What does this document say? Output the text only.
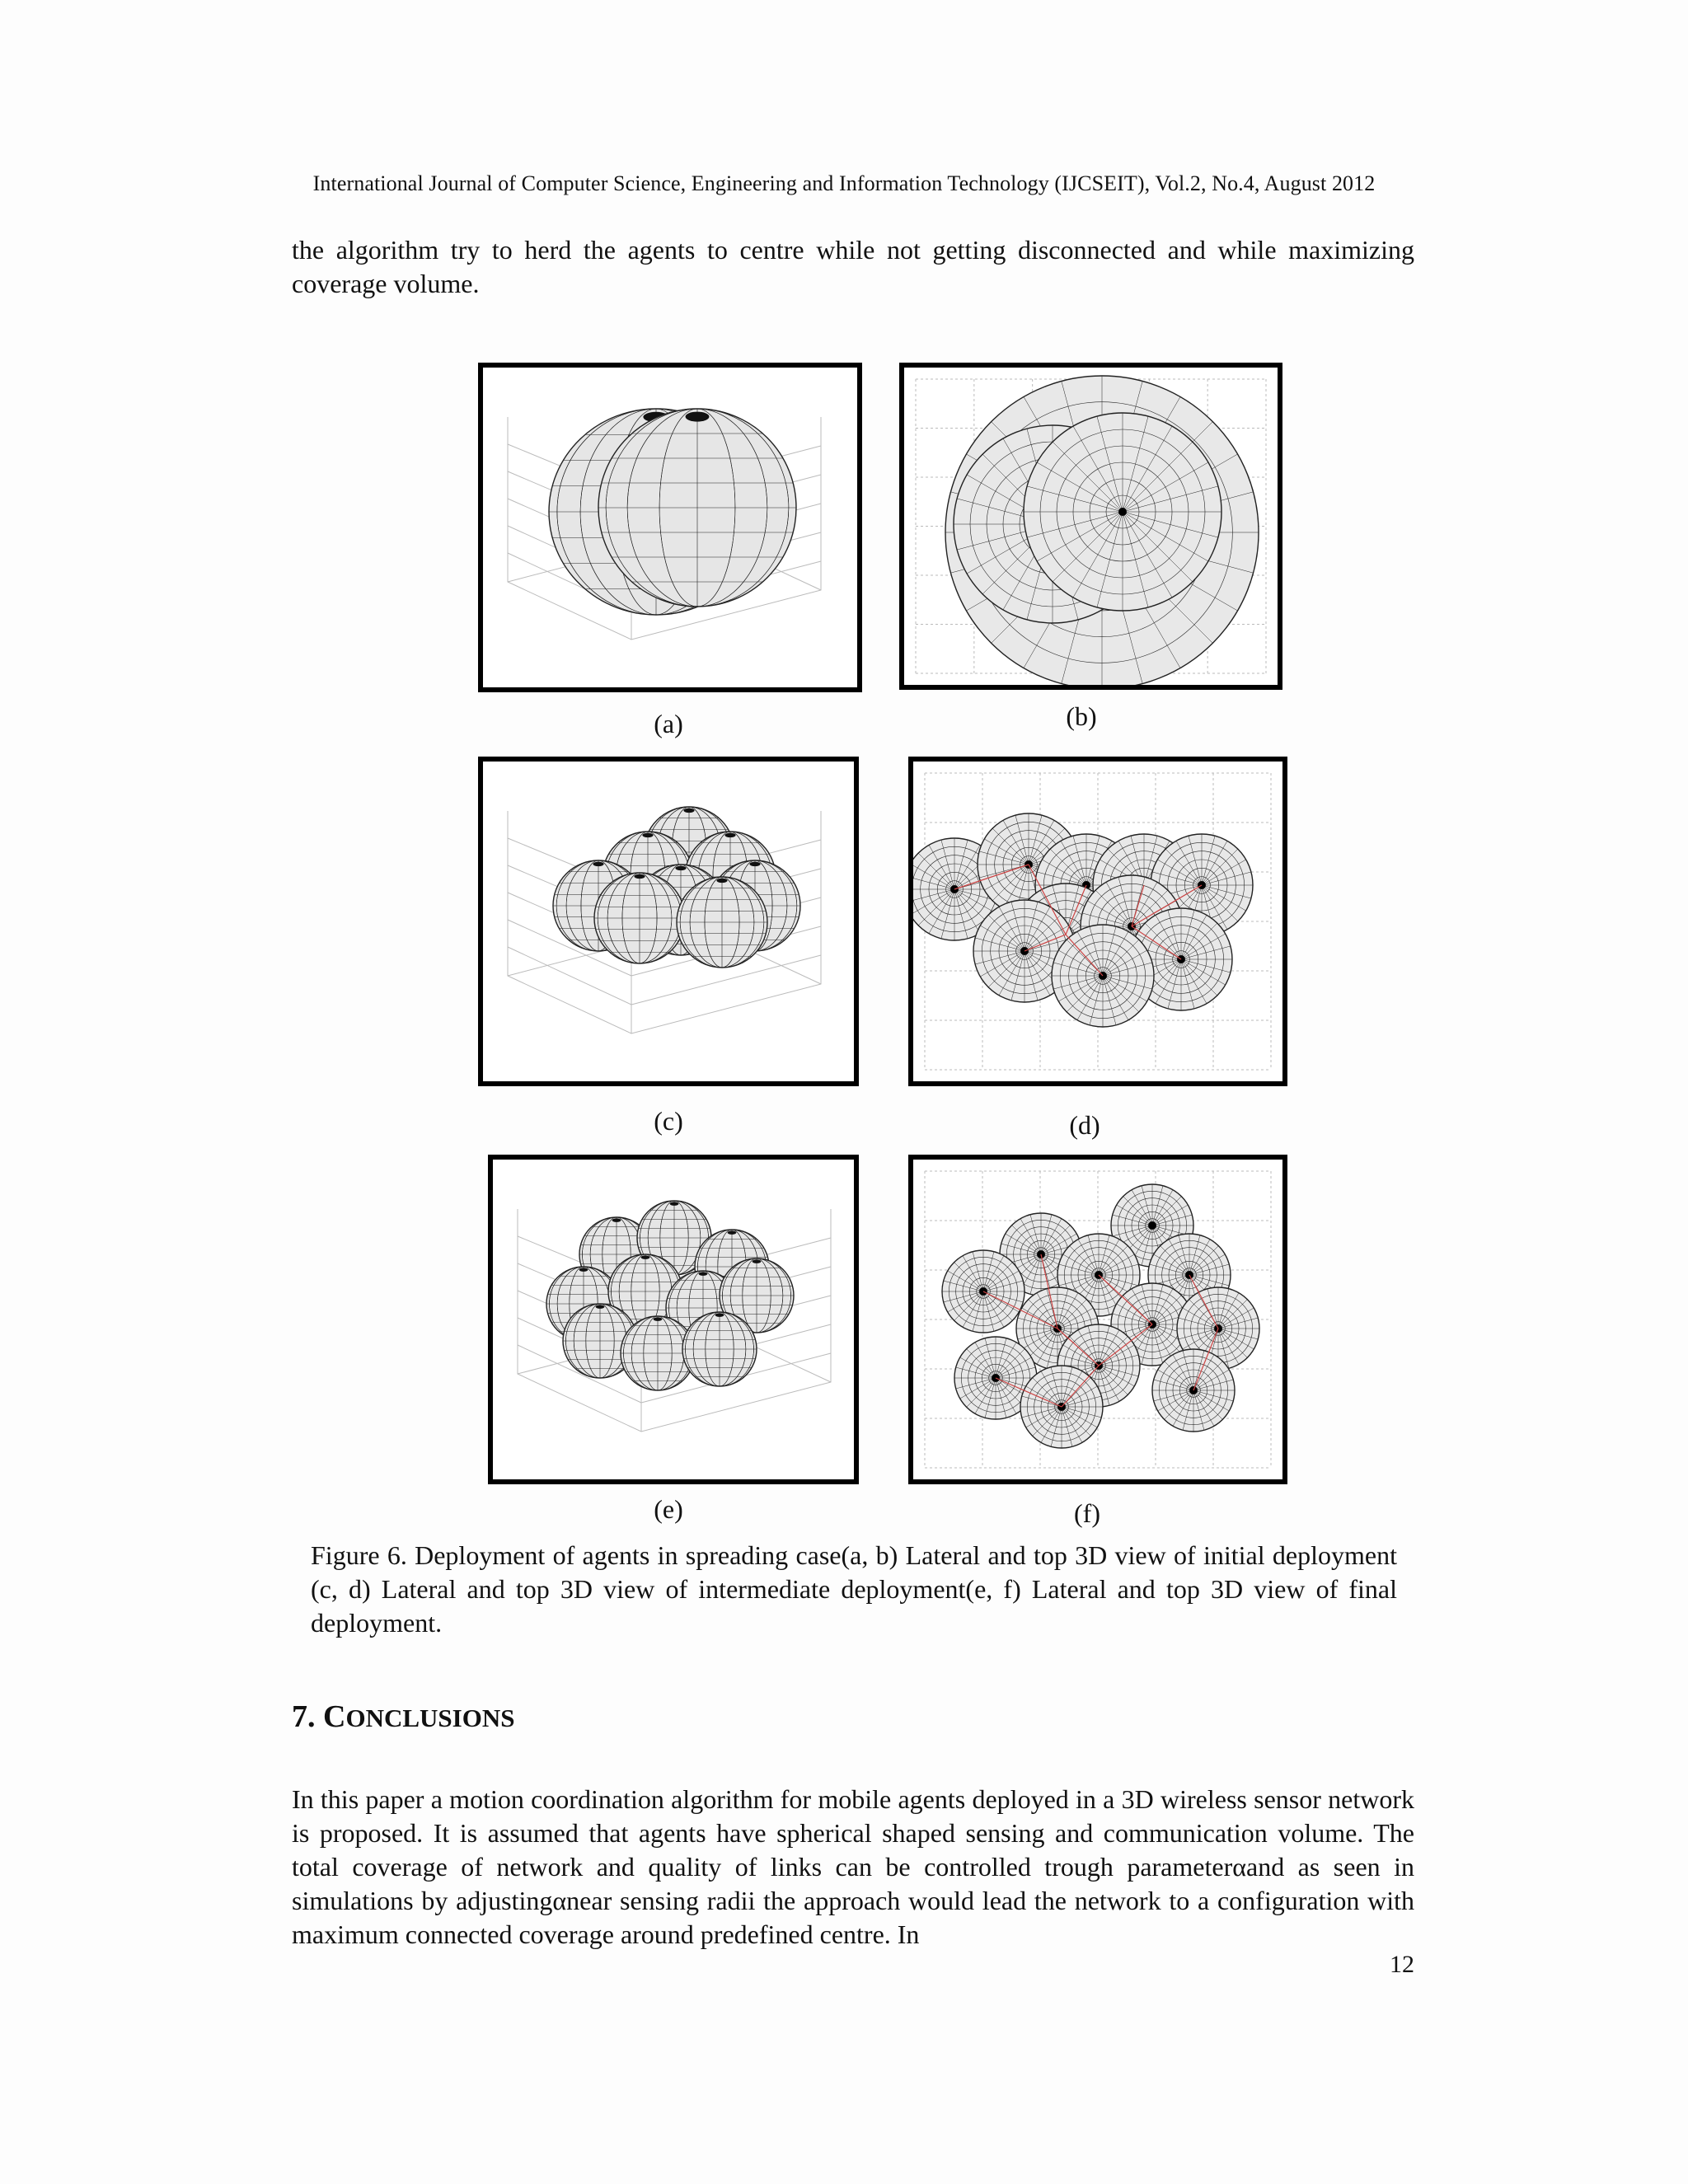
International Journal of Computer Science, Engineering and Information Technology (IJCSEIT), Vol.2, No.4, August 2012
the algorithm try to herd the agents to centre while not getting disconnected and while maximizing coverage volume.
(a)	(b)
(c)	(d)
(e)	(f)
Figure 6. Deployment of agents in spreading case(a, b) Lateral and top 3D view of initial deployment (c, d) Lateral and top 3D view of intermediate deployment(e, f) Lateral and top 3D view of final deployment.
7. CONCLUSIONS
In this paper a motion coordination algorithm for mobile agents deployed in a 3D wireless sensor network is proposed. It is assumed that agents have spherical shaped sensing and communication volume. The total coverage of network and quality of links can be controlled trough parameterαand as seen in simulations by adjustingαnear sensing radii the approach would lead the network to a configuration with maximum connected coverage around predefined centre. In
12
